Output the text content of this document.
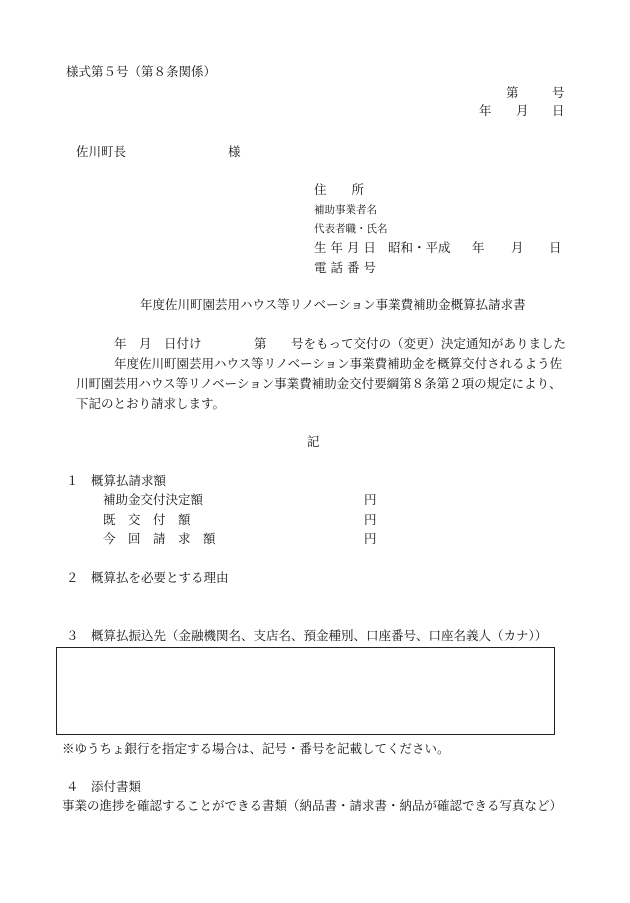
様式第５号（第８条関係）
第	号
年 月 日
佐川町長	様
住　　所
補助事業者名
代表者職・氏名
生 年 月 日 昭和・平成 年 月 日
電 話 番 号
年度佐川町園芸用ハウス等リノベーション事業費補助金概算払請求書
年　月　日付け	第 号をもって交付の（変更）決定通知がありました
年度佐川町園芸用ハウス等リノベーション事業費補助金を概算交付されるよう佐
川町園芸用ハウス等リノベーション事業費補助金交付要綱第８条第２項の規定により、
下記のとおり請求します。
記
１　概算払請求額
補助金交付決定額	円
既　交　付　額	円
今　回　請　求　額	円
２　概算払を必要とする理由
３　概算払振込先（金融機関名、支店名、預金種別、口座番号、口座名義人（カナ））
※ゆうちょ銀行を指定する場合は、記号・番号を記載してください。
４　添付書類
事業の進捗を確認することができる書類（納品書・請求書・納品が確認できる写真など）
